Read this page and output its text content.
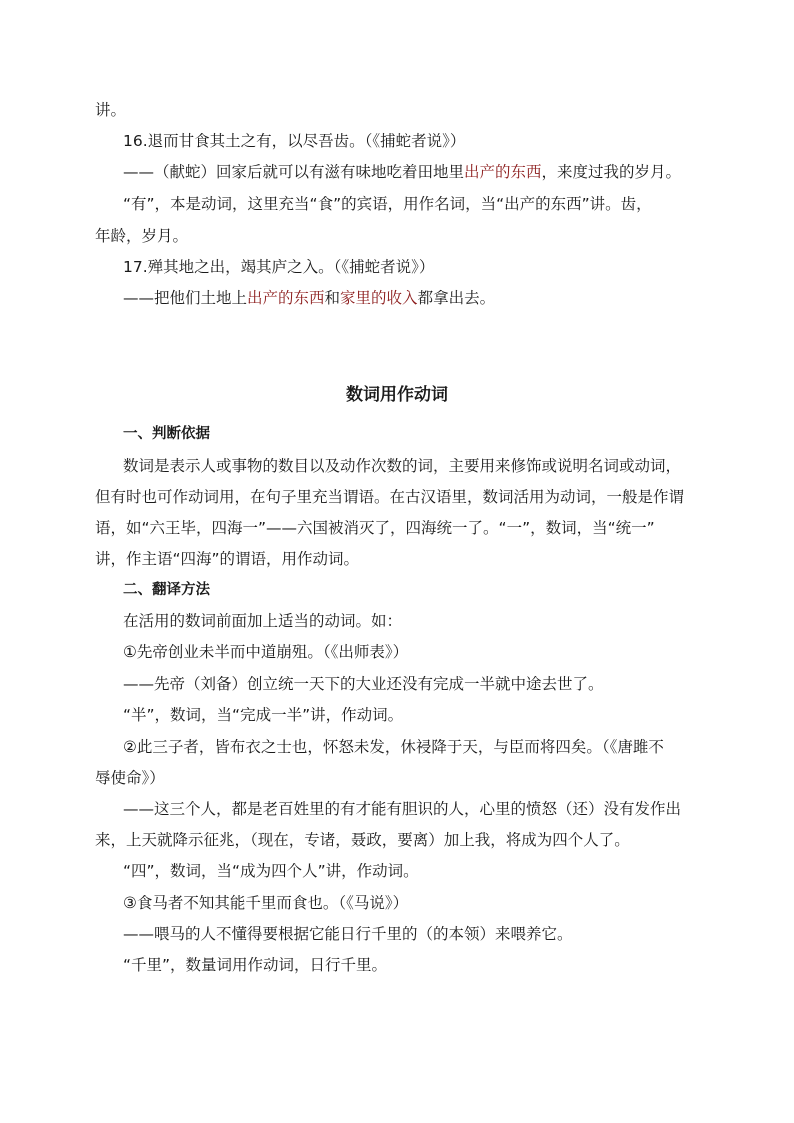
讲。
16.退而甘食其土之有，以尽吾齿。（《捕蛇者说》）
——（献蛇）回家后就可以有滋有味地吃着田地里出产的东西，来度过我的岁月。
“有”，本是动词，这里充当“食”的宾语，用作名词，当“出产的东西”讲。齿，
年龄，岁月。
17.殚其地之出，竭其庐之入。（《捕蛇者说》）
——把他们土地上出产的东西和家里的收入都拿出去。
数词用作动词
一、判断依据
数词是表示人或事物的数目以及动作次数的词，主要用来修饰或说明名词或动词，
但有时也可作动词用，在句子里充当谓语。在古汉语里，数词活用为动词，一般是作谓
语，如“六王毕，四海一”——六国被消灭了，四海统一了。“一”，数词，当“统一”
讲，作主语“四海”的谓语，用作动词。
二、翻译方法
在活用的数词前面加上适当的动词。如：
①先帝创业未半而中道崩殂。（《出师表》）
——先帝（刘备）创立统一天下的大业还没有完成一半就中途去世了。
“半”，数词，当“完成一半”讲，作动词。
②此三子者，皆布衣之士也，怀怒未发，休祲降于天，与臣而将四矣。（《唐雎不
辱使命》）
——这三个人，都是老百姓里的有才能有胆识的人，心里的愤怒（还）没有发作出
来，上天就降示征兆，（现在，专诸，聂政，要离）加上我，将成为四个人了。
“四”，数词，当“成为四个人”讲，作动词。
③食马者不知其能千里而食也。（《马说》）
——喂马的人不懂得要根据它能日行千里的（的本领）来喂养它。
“千里”，数量词用作动词，日行千里。
